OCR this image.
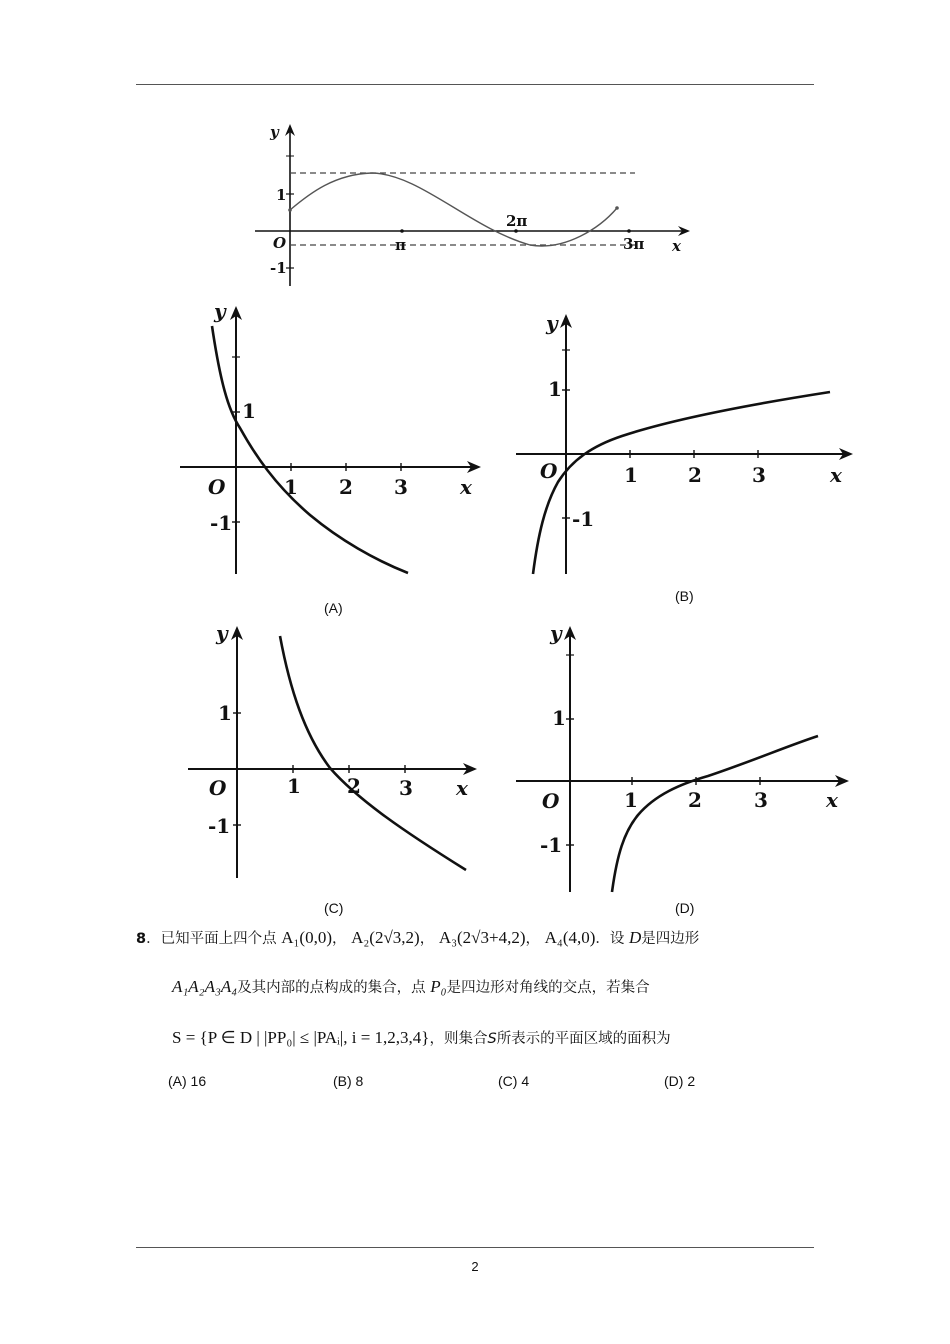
y
1
O
-1
π
2π
3π x
y
1
O
-1
1 2 3	x
(A)
y
1
O
-1
1	2	3	x
(B)
y
1
O
-1
1 2 3 x
(C)
y
1
O
-1
1	2	3	x
(D)
8．已知平面上四个点 A₁(0,0)， A₂(2√3,2)， A₃(2√3+4,2)， A₄(4,0)．设 D是四边形
A₁A₂A₃A₄及其内部的点构成的集合，点 P₀是四边形对角线的交点，若集合
S = {P ∈ D | |PP₀| ≤ |PAᵢ|, i = 1,2,3,4}，则集合S所表示的平面区域的面积为
(A) 16	(B) 8	(C) 4	(D) 2
2
